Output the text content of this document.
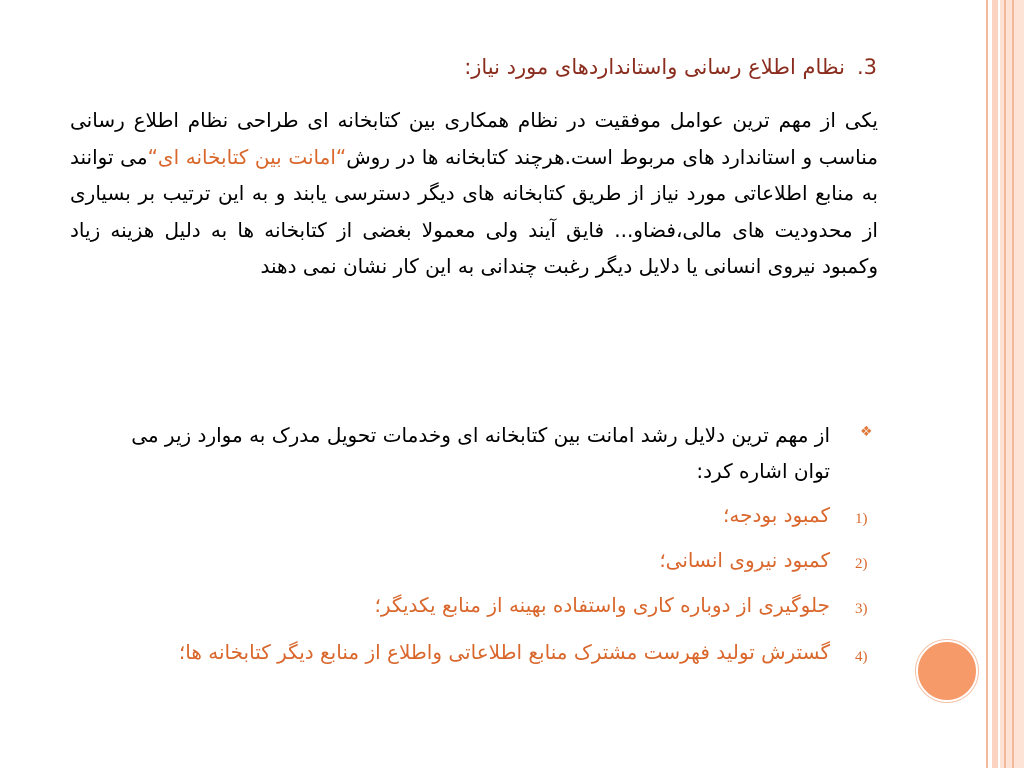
3.نظام اطلاع رسانی واستانداردهای مورد نیاز:
یکی از مهم ترین عوامل موفقیت در نظام همکاری بین کتابخانه ای طراحی نظام اطلاع رسانی مناسب و استاندارد های مربوط است.هرچند کتابخانه ها در روش“امانت بین کتابخانه ای“می توانند به منابع اطلاعاتی مورد نیاز از طریق کتابخانه های دیگر دسترسی یابند و به این ترتیب بر بسیاری از محدودیت های مالی،فضاو... فایق آیند ولی معمولا بغضی از کتابخانه ها به دلیل هزینه زیاد وکمبود نیروی انسانی یا دلایل دیگر رغبت چندانی به این کار نشان نمی دهند
❖
از مهم ترین دلایل رشد امانت بین کتابخانه ای وخدمات تحویل مدرک به موارد زیر می توان اشاره کرد:
1)
کمبود بودجه؛
2)
کمبود نیروی انسانی؛
3)
جلوگیری از دوباره کاری واستفاده بهینه از منابع یکدیگر؛
4)
گسترش تولید فهرست مشترک منابع اطلاعاتی واطلاع از منابع دیگر کتابخانه ها؛
